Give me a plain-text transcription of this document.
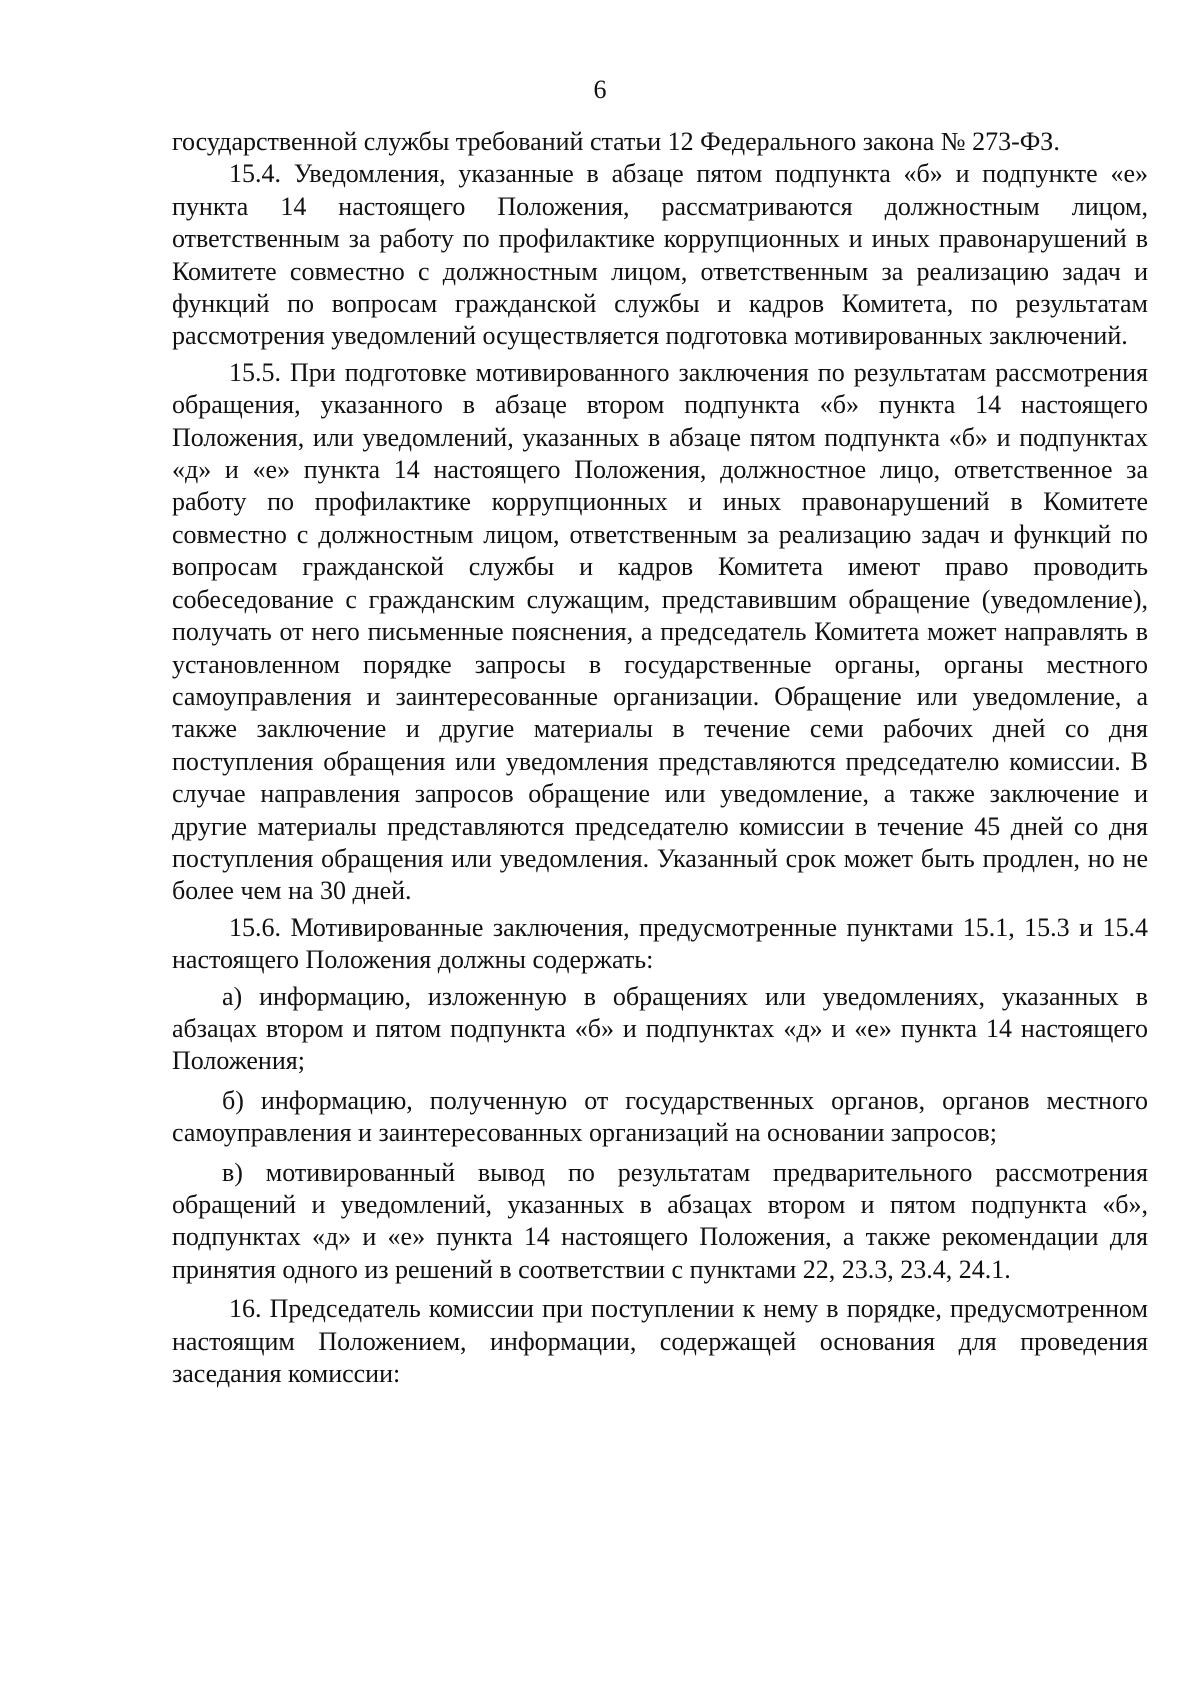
6

государственной службы требований статьи 12 Федерального закона № 273-ФЗ.

15.4. Уведомления, указанные в абзаце пятом подпункта «б» и подпункте «е» пункта 14 настоящего Положения, рассматриваются должностным лицом, ответственным за работу по профилактике коррупционных и иных правонарушений в Комитете совместно с должностным лицом, ответственным за реализацию задач и функций по вопросам гражданской службы и кадров Комитета, по результатам рассмотрения уведомлений осуществляется подготовка мотивированных заключений.

15.5. При подготовке мотивированного заключения по результатам рассмотрения обращения, указанного в абзаце втором подпункта «б» пункта 14 настоящего Положения, или уведомлений, указанных в абзаце пятом подпункта «б» и подпунктах «д» и «е» пункта 14 настоящего Положения, должностное лицо, ответственное за работу по профилактике коррупционных и иных правонарушений в Комитете совместно с должностным лицом, ответственным за реализацию задач и функций по вопросам гражданской службы и кадров Комитета имеют право проводить собеседование с гражданским служащим, представившим обращение (уведомление), получать от него письменные пояснения, а председатель Комитета может направлять в установленном порядке запросы в государственные органы, органы местного самоуправления и заинтересованные организации. Обращение или уведомление, а также заключение и другие материалы в течение семи рабочих дней со дня поступления обращения или уведомления представляются председателю комиссии. В случае направления запросов обращение или уведомление, а также заключение и другие материалы представляются председателю комиссии в течение 45 дней со дня поступления обращения или уведомления. Указанный срок может быть продлен, но не более чем на 30 дней.

15.6. Мотивированные заключения, предусмотренные пунктами 15.1, 15.3 и 15.4 настоящего Положения должны содержать:

а) информацию, изложенную в обращениях или уведомлениях, указанных в абзацах втором и пятом подпункта «б» и подпунктах «д» и «е» пункта 14 настоящего Положения;

б) информацию, полученную от государственных органов, органов местного самоуправления и заинтересованных организаций на основании запросов;

в) мотивированный вывод по результатам предварительного рассмотрения обращений и уведомлений, указанных в абзацах втором и пятом подпункта «б», подпунктах «д» и «е» пункта 14 настоящего Положения, а также рекомендации для принятия одного из решений в соответствии с пунктами 22, 23.3, 23.4, 24.1.

16. Председатель комиссии при поступлении к нему в порядке, предусмотренном настоящим Положением, информации, содержащей основания для проведения заседания комиссии:
